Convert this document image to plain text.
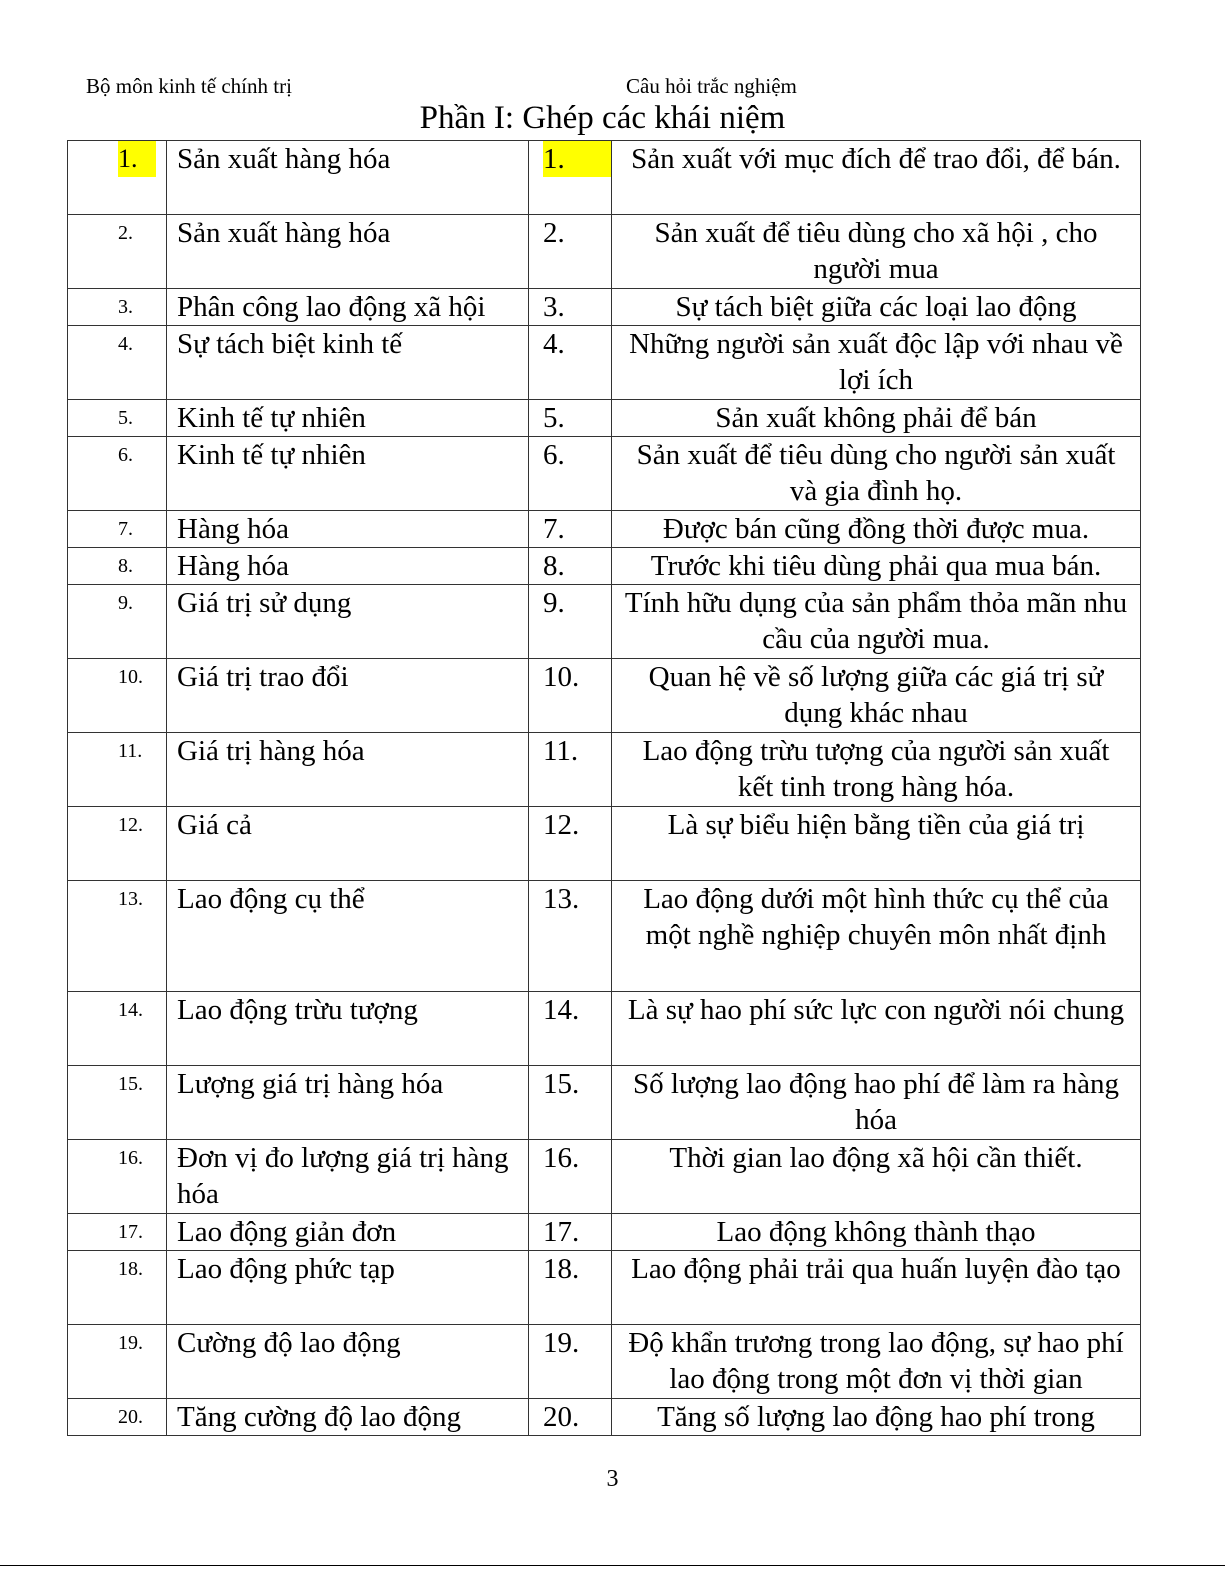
Bộ môn kinh tế chính trị	Câu hỏi trắc nghiệm
Phần I: Ghép các khái niệm
1.	Sản xuất hàng hóa	1.	Sản xuất với mục đích để trao đổi, để bán.
2.	Sản xuất hàng hóa	2.	Sản xuất để tiêu dùng cho xã hội , cho người mua
3.	Phân công lao động xã hội	3.	Sự tách biệt giữa các loại lao động
4.	Sự tách biệt kinh tế	4.	Những người sản xuất độc lập với nhau về lợi ích
5.	Kinh tế tự nhiên	5.	Sản xuất không phải để bán
6.	Kinh tế tự nhiên	6.	Sản xuất để tiêu dùng cho người sản xuất và gia đình họ.
7.	Hàng hóa	7.	Được bán cũng đồng thời được mua.
8.	Hàng hóa	8.	Trước khi tiêu dùng phải qua mua bán.
9.	Giá trị sử dụng	9.	Tính hữu dụng của sản phẩm thỏa mãn nhu cầu của người mua.
10.	Giá trị trao đổi	10.	Quan hệ về số lượng giữa các giá trị sử dụng khác nhau
11.	Giá trị hàng hóa	11.	Lao động trừu tượng của người sản xuất kết tinh trong hàng hóa.
12.	Giá cả	12.	Là sự biểu hiện bằng tiền của giá trị
13.	Lao động cụ thể	13.	Lao động dưới một hình thức cụ thể của một nghề nghiệp chuyên môn nhất định
14.	Lao động trừu tượng	14.	Là sự hao phí sức lực con người nói chung
15.	Lượng giá trị hàng hóa	15.	Số lượng lao động hao phí để làm ra hàng hóa
16.	Đơn vị đo lượng giá trị hàng hóa	16.	Thời gian lao động xã hội cần thiết.
17.	Lao động giản đơn	17.	Lao động không thành thạo
18.	Lao động phức tạp	18.	Lao động phải trải qua huấn luyện đào tạo
19.	Cường độ lao động	19.	Độ khẩn trương trong lao động, sự hao phí lao động trong một đơn vị thời gian
20.	Tăng cường độ lao động	20.	Tăng số lượng lao động hao phí trong
3
